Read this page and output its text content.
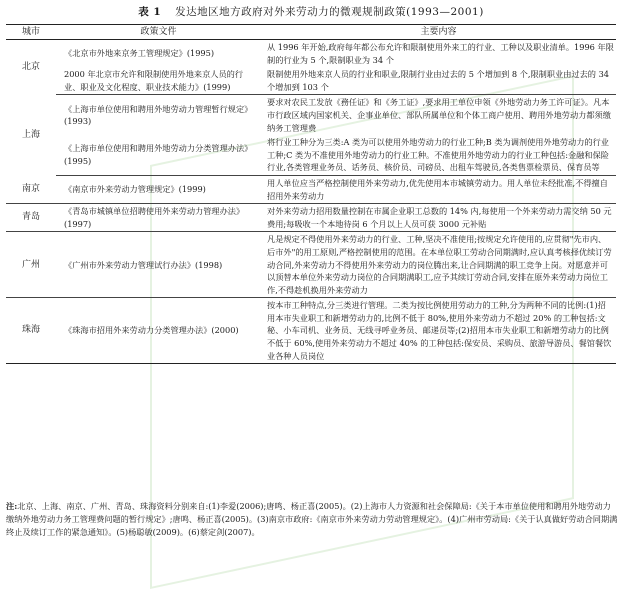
表 1 发达地区地方政府对外来劳动力的微观规制政策(1993—2001)
城市	政策文件	主要内容
北京	《北京市外地来京务工管理规定》(1995)	从 1996 年开始,政府每年都公布允许和限制使用外来工的行业、工种以及职业清单。1996 年限制的行业为 5 个,限制职业为 34 个
	2000 年北京市允许和限制使用外地来京人员的行业、职业及文化程度、职业技术能力》(1999)	限制使用外地来京人员的行业和职业,限制行业由过去的 5 个增加到 8 个,限制职业由过去的 34 个增加到 103 个
上海	《上海市单位使用和聘用外地劳动力管理暂行规定》(1993)	要求对农民工发放《務任证》和《务工证》,要求用工单位申领《外地劳动力务工许可证》。凡本市行政区域内国家机关、企事业单位、部队所属单位和个体工商户使用、聘用外地劳动力都须缴纳务工管理费
	《上海市单位使用和聘用外地劳动力分类管理办法》(1995)	将行业工种分为三类:A 类为可以使用外地劳动力的行业工种;B 类为调剂使用外地劳动力的行业工种;C 类为不准使用外地劳动力的行业工种。不准使用外地劳动力的行业工种包括:金融和保险行业,各类管理业务员、话务员、核价员、司磅员、出租车驾驶员,各类售票检票员、保育员等
南京	《南京市外来劳动力管理规定》(1999)	用人单位应当严格控制使用外来劳动力,优先使用本市城镇劳动力。用人单位未经批准,不得擅自招用外来劳动力
青岛	《青岛市城镇单位招聘使用外来劳动力管理办法》(1997)	对外来劳动力招用数量控制在市属企业职工总数的 14% 内,每使用一个外来劳动力需交纳 50 元费用;每吸收一个本地待岗 6 个月以上人员可获 3000 元补贴
广州	《广州市外来劳动力管理试行办法》(1998)	凡是规定不得使用外来劳动力的行业、工种,坚决不准使用;按规定允许使用的,应贯彻"先市内、后市外"的用工原则,严格控制使用的范围。在本单位职工劳动合同期满时,应认真考核择优续订劳动合同,外来劳动力不得使用外来劳动力的岗位腾出来,让合同期满的职工竞争上岗。对愿意并可以顶替本单位外来劳动力岗位的合同期满职工,应予其续订劳动合同,安排在原外来劳动力岗位工作,不得趁机换用外来劳动力
珠海	《珠海市招用外来劳动力分类管理办法》(2000)	按本市工种特点,分三类进行管理。二类为按比例使用劳动力的工种,分为两种不同的比例:(1)招用本市失业职工和新增劳动力的,比例不低于 80%,使用外来劳动力不超过 20% 的工种包括:文秘、小车司机、业务员、无线寻呼业务员、邮递员等;(2)招用本市失业职工和新增劳动力的比例不低于 60%,使用外来劳动力不超过 40% 的工种包括:保安员、采购员、旅游导游员、餐馆餐饮业各种人员岗位
注:北京、上海、南京、广州、青岛、珠海资料分别来自:(1)李爱(2006);唐鸣、杨正喜(2005)。(2)上海市人力资源和社会保障局:《关于本市单位使用和聘用外地劳动力缴纳外地劳动力务工管理费问题的暂行规定》;唐鸣、杨正喜(2005)。(3)南京市政府:《南京市外来劳动力劳动管理规定》。(4)广州市劳动局:《关于认真做好劳动合同期满终止及续订工作的紧急通知》。(5)杨聪敏(2009)。(6)蔡定剑(2007)。
